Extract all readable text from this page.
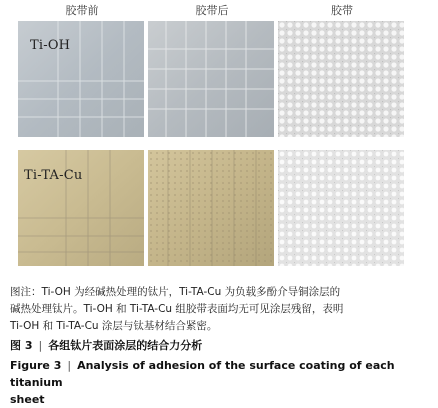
胶带前	胶带后	胶带
Ti-OH
Ti-TA-Cu
图注：Ti-OH 为经碱热处理的钛片，Ti-TA-Cu 为负载多酚介导铜涂层的
碱热处理钛片。Ti-OH 和 Ti-TA-Cu 组胶带表面均无可见涂层残留，表明
Ti-OH 和 Ti-TA-Cu 涂层与钛基材结合紧密。
图 3 | 各组钛片表面涂层的结合力分析
Figure 3 | Analysis of adhesion of the surface coating of each titanium
sheet
